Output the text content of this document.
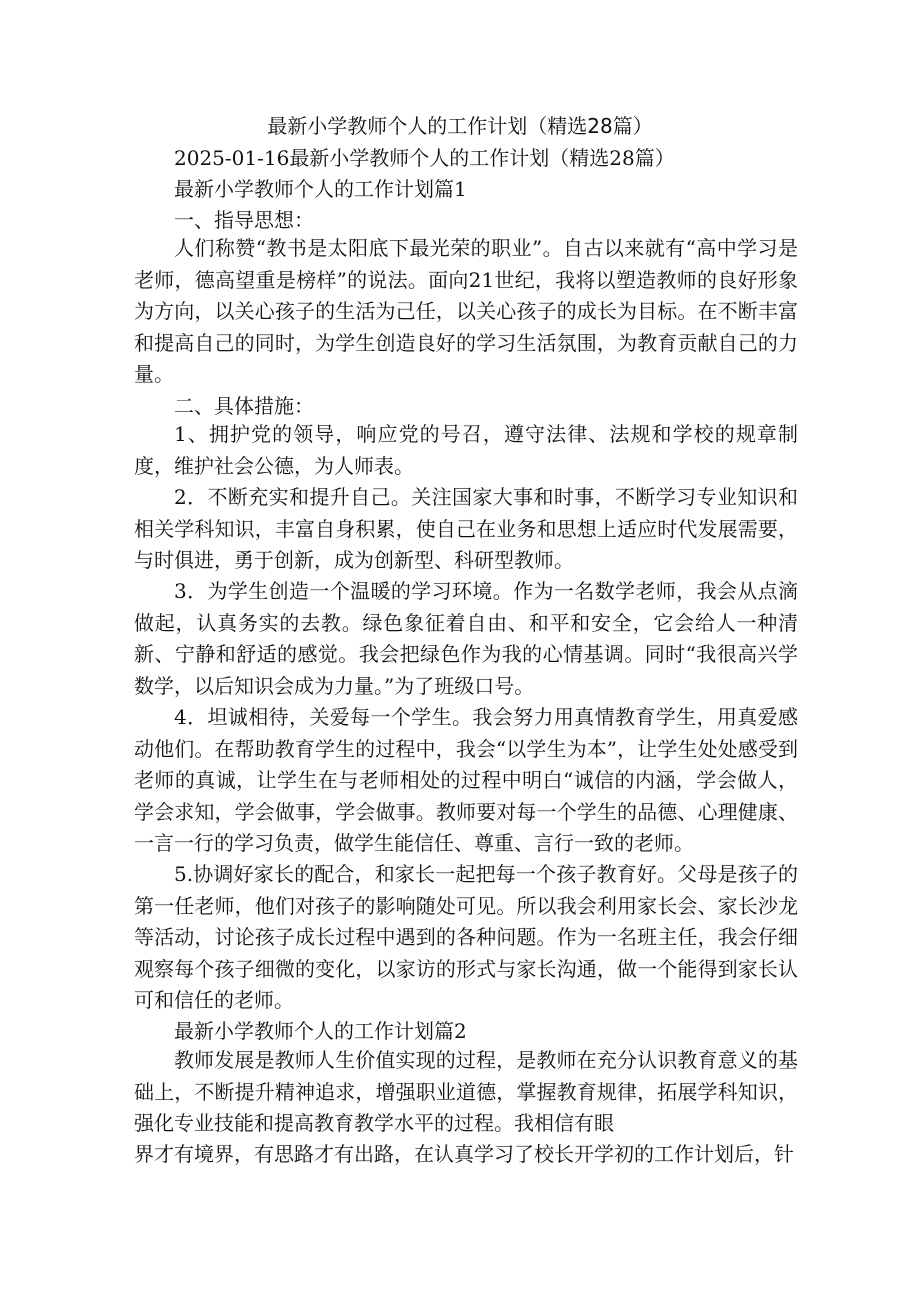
最新小学教师个人的工作计划（精选28篇）
2025-01-16最新小学教师个人的工作计划（精选28篇）
最新小学教师个人的工作计划篇1
一、指导思想：

人们称赞“教书是太阳底下最光荣的职业”。自古以来就有“高中学习是老师，德高望重是榜样”的说法。面向21世纪，我将以塑造教师的良好形象为方向，以关心孩子的生活为己任，以关心孩子的成长为目标。在不断丰富和提高自己的同时，为学生创造良好的学习生活氛围，为教育贡献自己的力量。

二、具体措施：

1、拥护党的领导，响应党的号召，遵守法律、法规和学校的规章制度，维护社会公德，为人师表。

2．不断充实和提升自己。关注国家大事和时事，不断学习专业知识和相关学科知识，丰富自身积累，使自己在业务和思想上适应时代发展需要，与时俱进，勇于创新，成为创新型、科研型教师。

3．为学生创造一个温暖的学习环境。作为一名数学老师，我会从点滴做起，认真务实的去教。绿色象征着自由、和平和安全，它会给人一种清新、宁静和舒适的感觉。我会把绿色作为我的心情基调。同时“我很高兴学数学，以后知识会成为力量。”为了班级口号。

4．坦诚相待，关爱每一个学生。我会努力用真情教育学生，用真爱感动他们。在帮助教育学生的过程中，我会“以学生为本”，让学生处处感受到老师的真诚，让学生在与老师相处的过程中明白“诚信的内涵，学会做人，学会求知，学会做事，学会做事。教师要对每一个学生的品德、心理健康、一言一行的学习负责，做学生能信任、尊重、言行一致的老师。

5.协调好家长的配合，和家长一起把每一个孩子教育好。父母是孩子的第一任老师，他们对孩子的影响随处可见。所以我会利用家长会、家长沙龙等活动，讨论孩子成长过程中遇到的各种问题。作为一名班主任，我会仔细观察每个孩子细微的变化，以家访的形式与家长沟通，做一个能得到家长认可和信任的老师。

最新小学教师个人的工作计划篇2

教师发展是教师人生价值实现的过程，是教师在充分认识教育意义的基础上，不断提升精神追求，增强职业道德，掌握教育规律，拓展学科知识，强化专业技能和提高教育教学水平的过程。我相信有眼

界才有境界，有思路才有出路，在认真学习了校长开学初的工作计划后，针
